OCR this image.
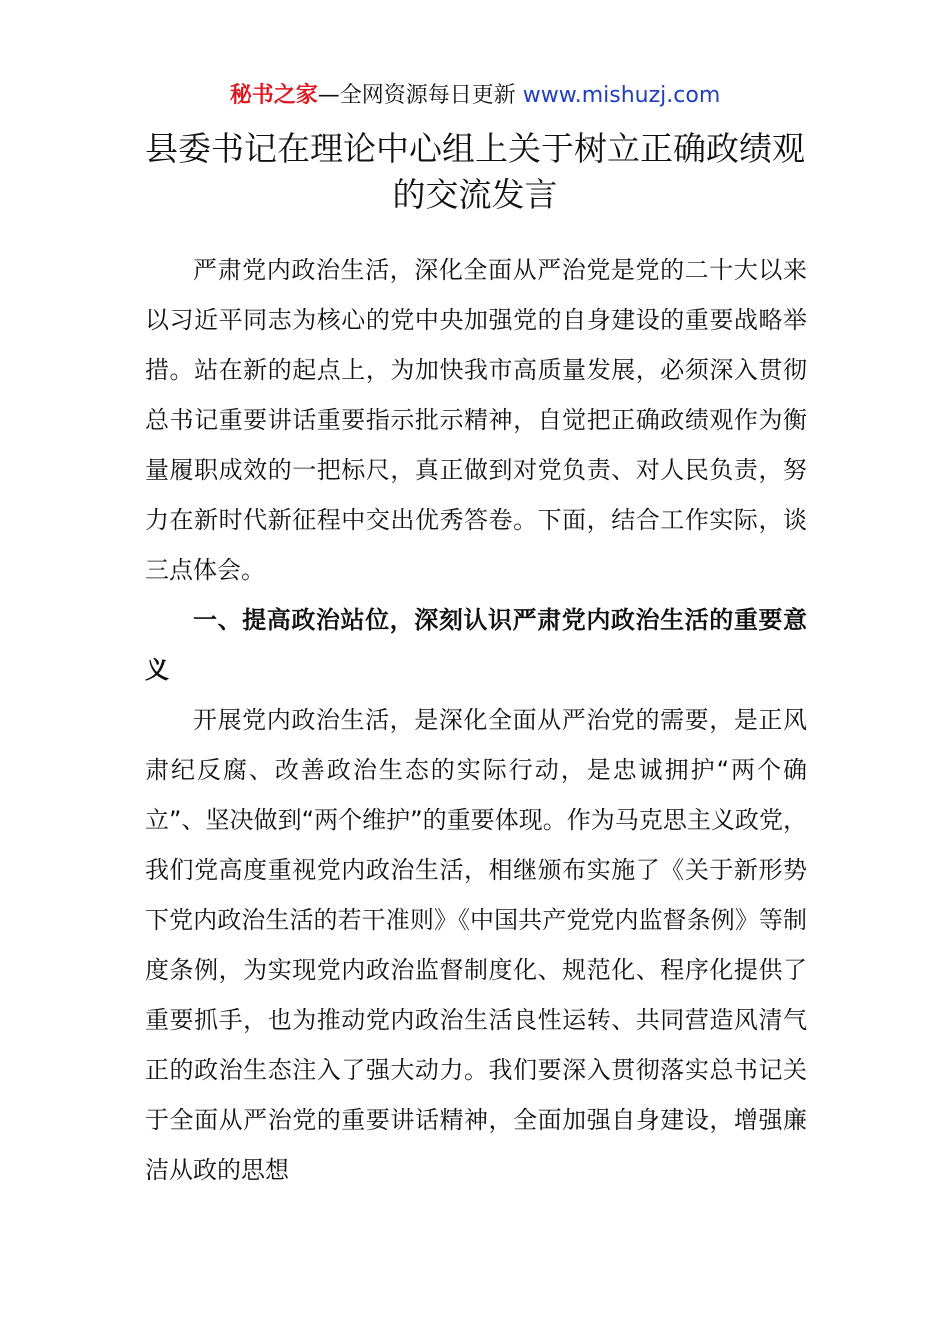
秘书之家—全网资源每日更新 www.mishuzj.com
县委书记在理论中心组上关于树立正确政绩观的交流发言

严肃党内政治生活，深化全面从严治党是党的二十大以来以习近平同志为核心的党中央加强党的自身建设的重要战略举措。站在新的起点上，为加快我市高质量发展，必须深入贯彻总书记重要讲话重要指示批示精神，自觉把正确政绩观作为衡量履职成效的一把标尺，真正做到对党负责、对人民负责，努力在新时代新征程中交出优秀答卷。下面，结合工作实际，谈三点体会。

一、提高政治站位，深刻认识严肃党内政治生活的重要意义

开展党内政治生活，是深化全面从严治党的需要，是正风肃纪反腐、改善政治生态的实际行动，是忠诚拥护“两个确立”、坚决做到“两个维护”的重要体现。作为马克思主义政党，我们党高度重视党内政治生活，相继颁布实施了《关于新形势下党内政治生活的若干准则》《中国共产党党内监督条例》等制度条例，为实现党内政治监督制度化、规范化、程序化提供了重要抓手，也为推动党内政治生活良性运转、共同营造风清气正的政治生态注入了强大动力。我们要深入贯彻落实总书记关于全面从严治党的重要讲话精神，全面加强自身建设，增强廉洁从政的思想
